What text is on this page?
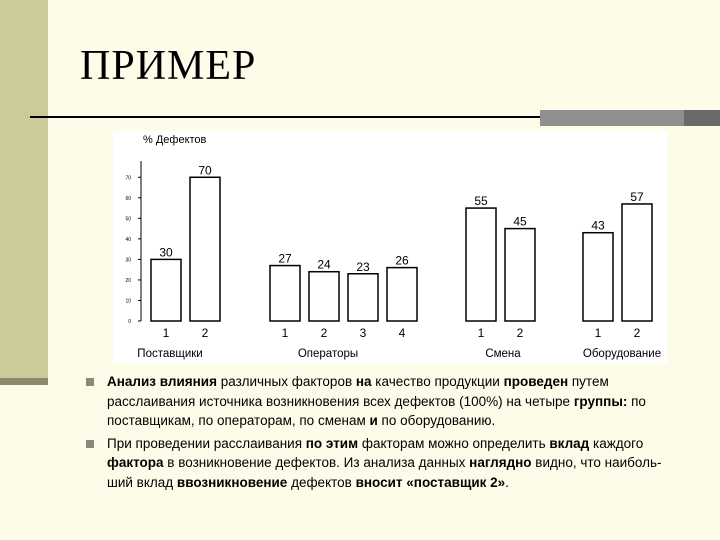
ПРИМЕР
% Дефектов
0
10
20
30
40
50
60
70
30
1
70
2
Поставщики
27
1
24
2
23
3
26
4
Операторы
55
1
45
2
Смена
43
1
57
2
Оборудование
Анализ влияния различных факторов на качество продукции проведен путем расслаивания источника возникновения всех дефектов (100%) на четыре группы: по поставщикам, по операторам, по сменам и по оборудованию.
При проведении расслаивания по этим факторам можно определить вклад каждого фактора в возникновение дефектов. Из анализа данных наглядно видно, что наиболь-ший вклад ввозникновение дефектов вносит «поставщик 2».
